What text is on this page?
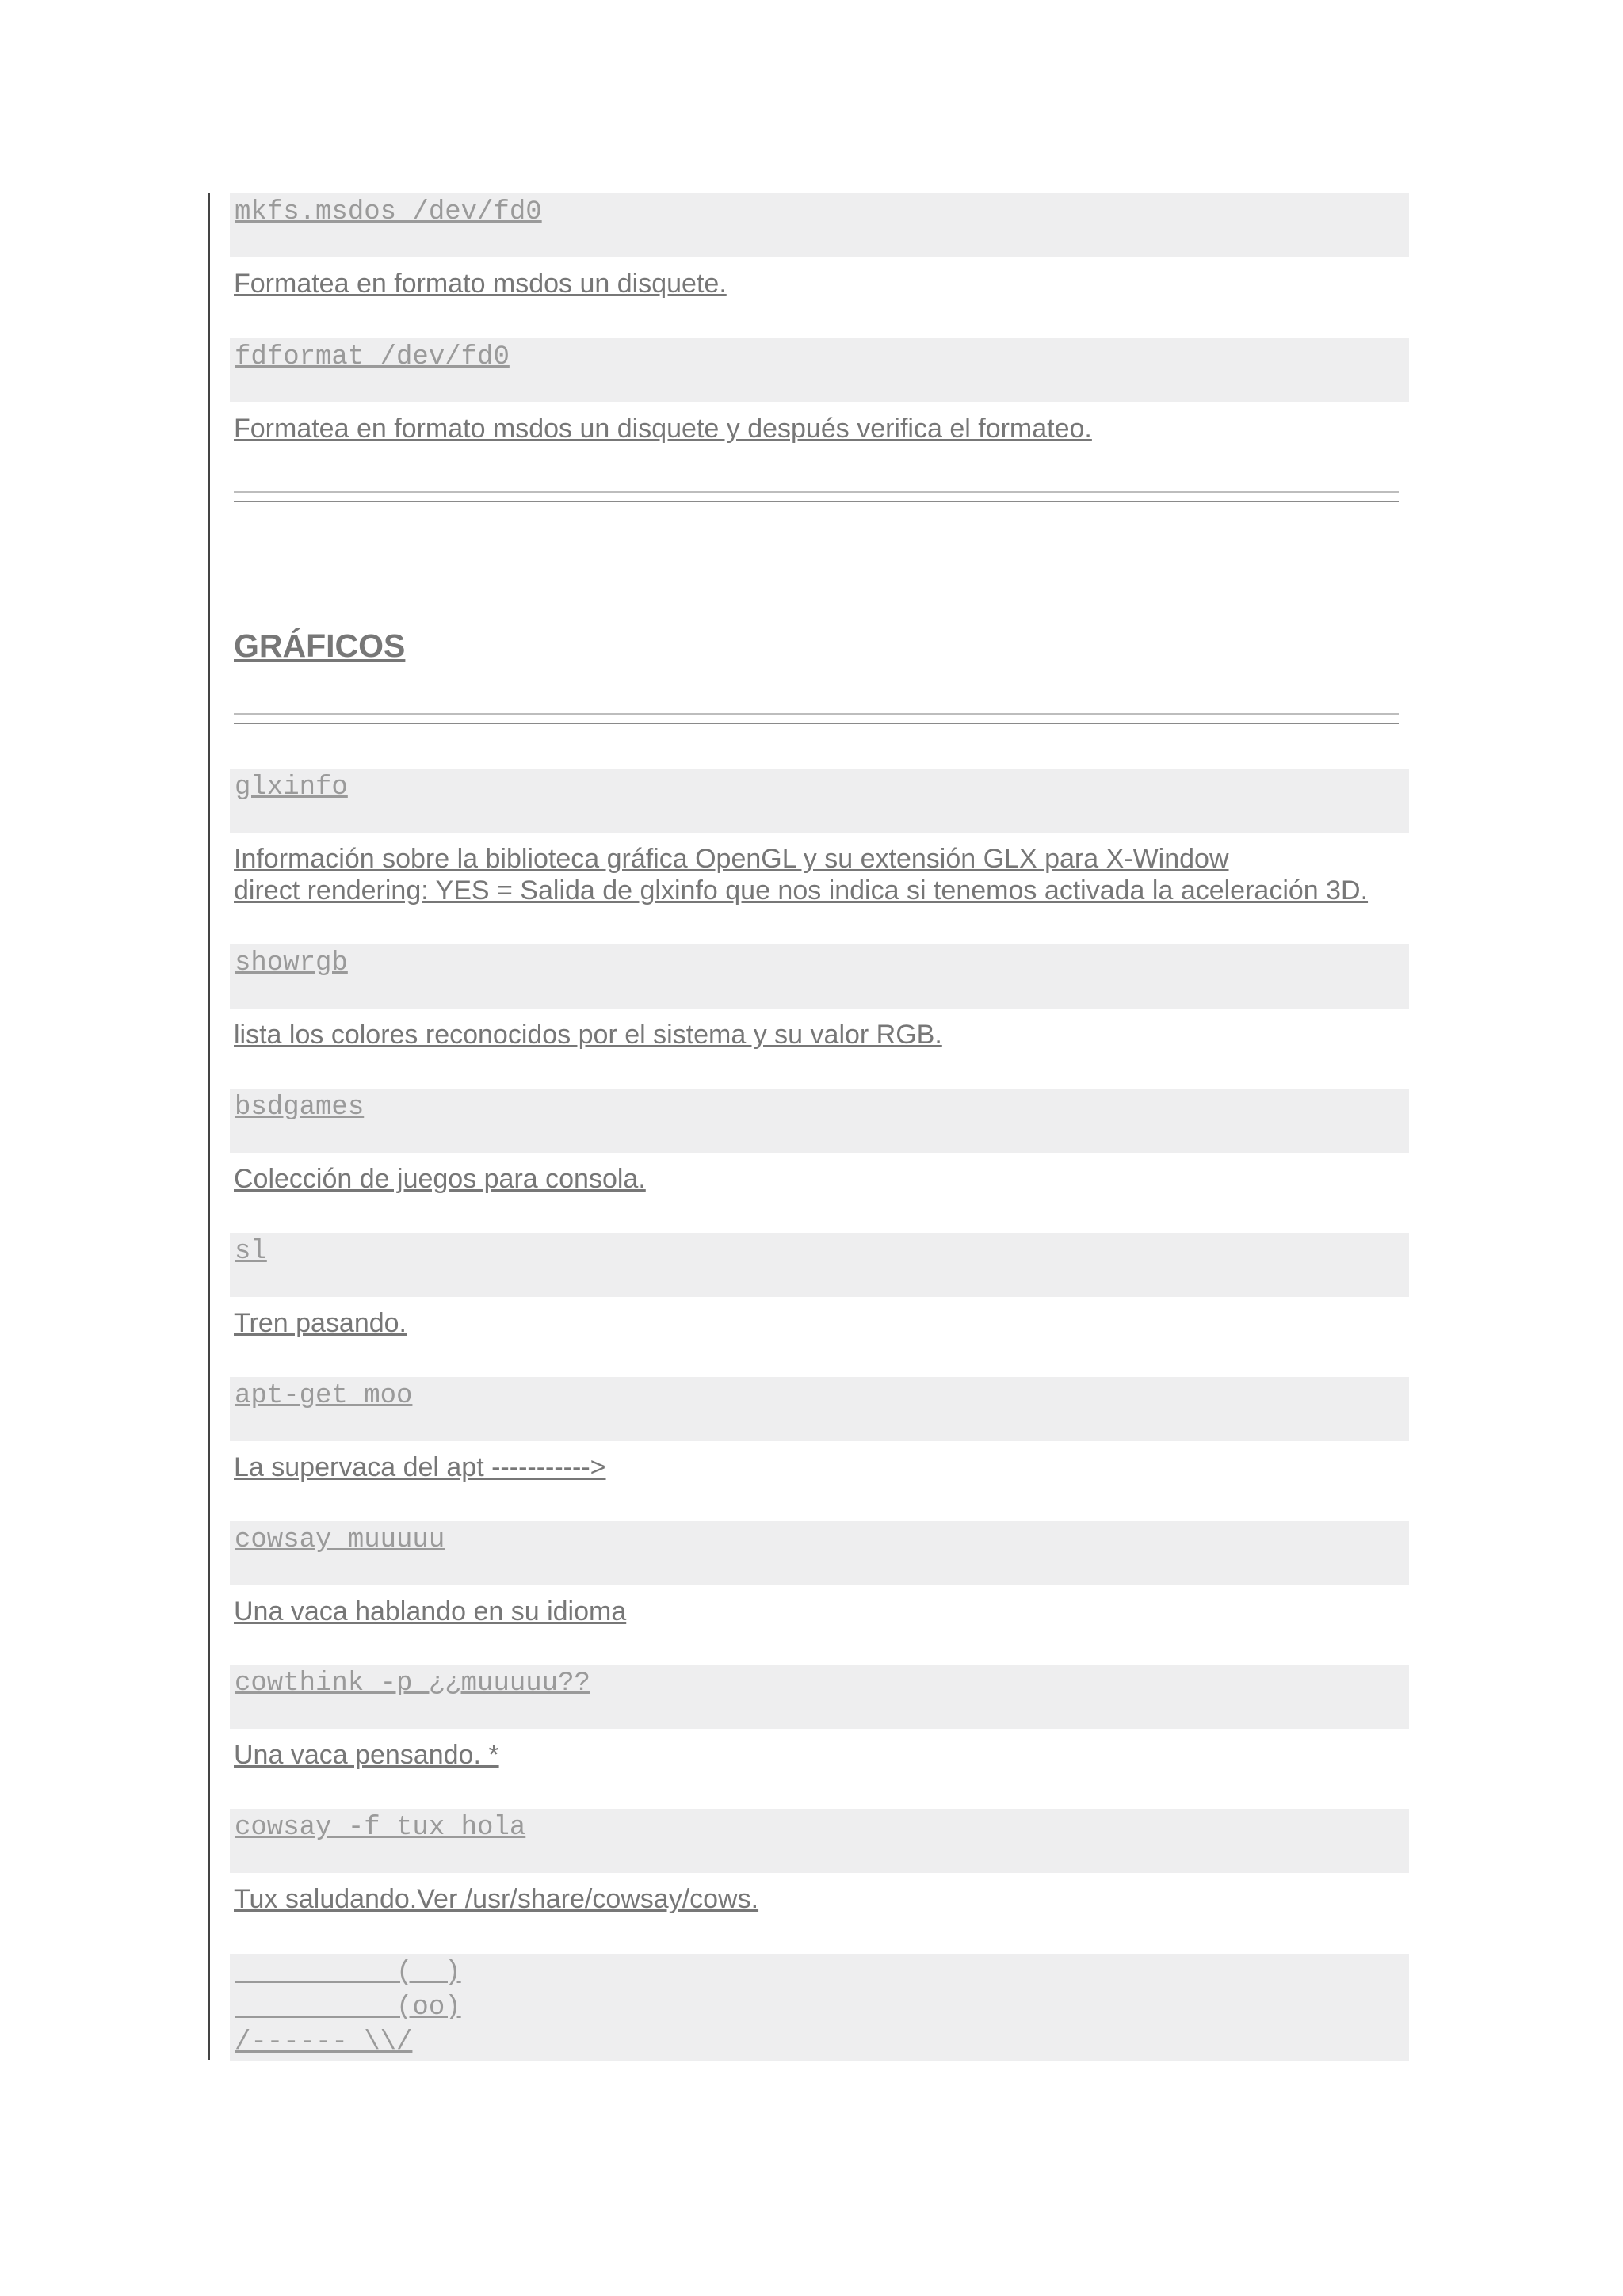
mkfs.msdos /dev/fd0
Formatea en formato msdos un disquete.
fdformat /dev/fd0
Formatea en formato msdos un disquete y después verifica el formateo.
GRÁFICOS
glxinfo
Información sobre la biblioteca gráfica OpenGL y su extensión GLX para X-Window
direct rendering: YES = Salida de glxinfo que nos indica si tenemos activada la aceleración 3D.
showrgb
lista los colores reconocidos por el sistema y su valor RGB.
bsdgames
Colección de juegos para consola.
sl
Tren pasando.
apt-get moo
La supervaca del apt ----------->
cowsay muuuuu
Una vaca hablando en su idioma
cowthink -p ¿¿muuuuu??
Una vaca pensando. *
cowsay -f tux hola
Tux saludando.Ver /usr/share/cowsay/cows.
(  )
(oo)
/------ \\/
